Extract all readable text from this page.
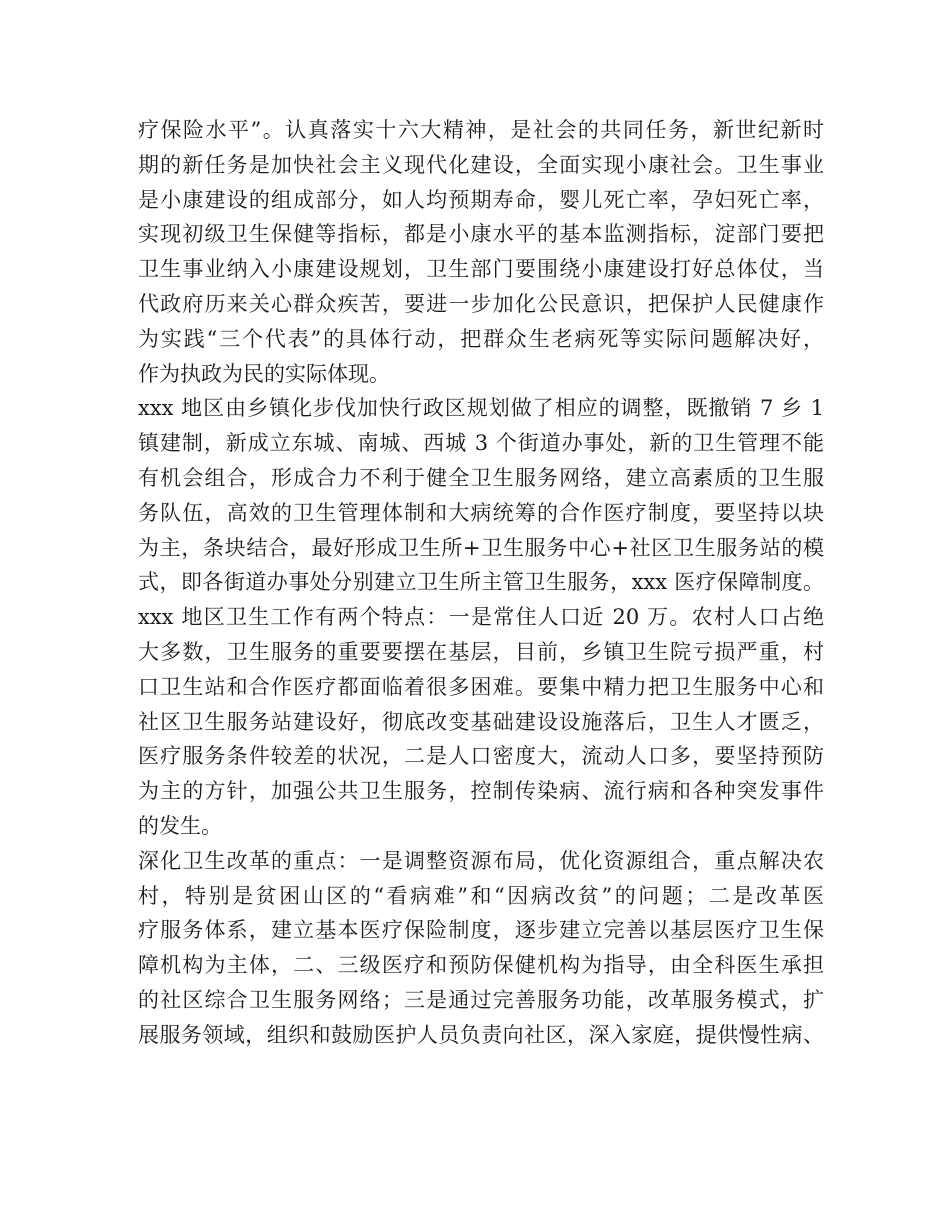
疗保险水平”。认真落实十六大精神，是社会的共同任务，新世纪新时
期的新任务是加快社会主义现代化建设，全面实现小康社会。卫生事业
是小康建设的组成部分，如人均预期寿命，婴儿死亡率，孕妇死亡率，
实现初级卫生保健等指标，都是小康水平的基本监测指标，淀部门要把
卫生事业纳入小康建设规划，卫生部门要围绕小康建设打好总体仗，当
代政府历来关心群众疾苦，要进一步加化公民意识，把保护人民健康作
为实践“三个代表”的具体行动，把群众生老病死等实际问题解决好，
作为执政为民的实际体现。
xxx 地区由乡镇化步伐加快行政区规划做了相应的调整，既撤销 7 乡 1
镇建制，新成立东城、南城、西城 3 个街道办事处，新的卫生管理不能
有机会组合，形成合力不利于健全卫生服务网络，建立高素质的卫生服
务队伍，高效的卫生管理体制和大病统筹的合作医疗制度，要坚持以块
为主，条块结合，最好形成卫生所+卫生服务中心+社区卫生服务站的模
式，即各街道办事处分别建立卫生所主管卫生服务，xxx 医疗保障制度。
xxx 地区卫生工作有两个特点：一是常住人口近 20 万。农村人口占绝
大多数，卫生服务的重要要摆在基层，目前，乡镇卫生院亏损严重，村
口卫生站和合作医疗都面临着很多困难。要集中精力把卫生服务中心和
社区卫生服务站建设好，彻底改变基础建设设施落后，卫生人才匮乏，
医疗服务条件较差的状况，二是人口密度大，流动人口多，要坚持预防
为主的方针，加强公共卫生服务，控制传染病、流行病和各种突发事件
的发生。
深化卫生改革的重点：一是调整资源布局，优化资源组合，重点解决农
村，特别是贫困山区的“看病难”和“因病改贫”的问题；二是改革医
疗服务体系，建立基本医疗保险制度，逐步建立完善以基层医疗卫生保
障机构为主体，二、三级医疗和预防保健机构为指导，由全科医生承担
的社区综合卫生服务网络；三是通过完善服务功能，改革服务模式，扩
展服务领域，组织和鼓励医护人员负责向社区，深入家庭，提供慢性病、
